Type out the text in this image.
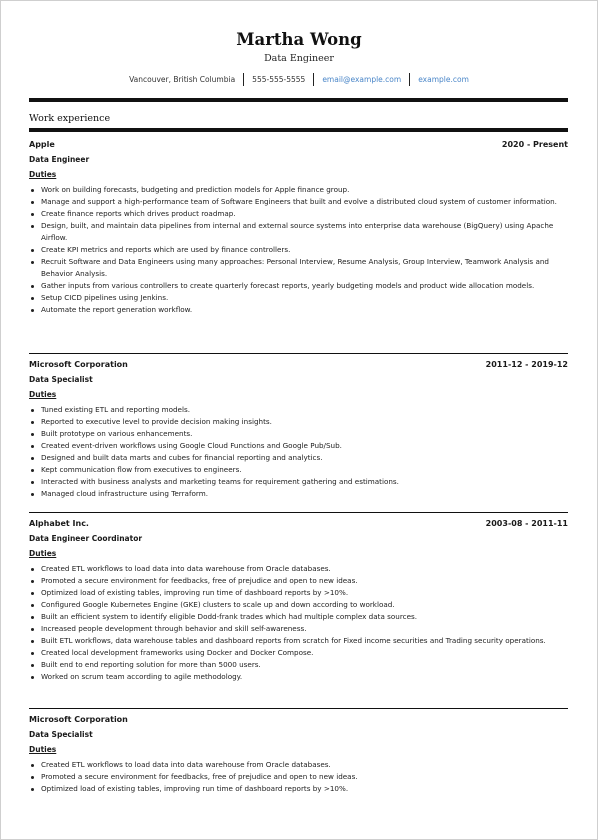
Martha Wong
Data Engineer
Vancouver, British Columbia	555-555-5555	email@example.com	example.com
Work experience
Apple	2020 - Present
Data Engineer
Duties
Work on building forecasts, budgeting and prediction models for Apple finance group.
Manage and support a high-performance team of Software Engineers that built and evolve a distributed cloud system of customer information.
Create finance reports which drives product roadmap.
Design, built, and maintain data pipelines from internal and external source systems into enterprise data warehouse (BigQuery) using Apache Airflow.
Create KPI metrics and reports which are used by finance controllers.
Recruit Software and Data Engineers using many approaches: Personal Interview, Resume Analysis, Group Interview, Teamwork Analysis and Behavior Analysis.
Gather inputs from various controllers to create quarterly forecast reports, yearly budgeting models and product wide allocation models.
Setup CICD pipelines using Jenkins.
Automate the report generation workflow.
Microsoft Corporation	2011-12 - 2019-12
Data Specialist
Duties
Tuned existing ETL and reporting models.
Reported to executive level to provide decision making insights.
Built prototype on various enhancements.
Created event-driven workflows using Google Cloud Functions and Google Pub/Sub.
Designed and built data marts and cubes for financial reporting and analytics.
Kept communication flow from executives to engineers.
Interacted with business analysts and marketing teams for requirement gathering and estimations.
Managed cloud infrastructure using Terraform.
Alphabet Inc.	2003-08 - 2011-11
Data Engineer Coordinator
Duties
Created ETL workflows to load data into data warehouse from Oracle databases.
Promoted a secure environment for feedbacks, free of prejudice and open to new ideas.
Optimized load of existing tables, improving run time of dashboard reports by >10%.
Configured Google Kubernetes Engine (GKE) clusters to scale up and down according to workload.
Built an efficient system to identify eligible Dodd-frank trades which had multiple complex data sources.
Increased people development through behavior and skill self-awareness.
Built ETL workflows, data warehouse tables and dashboard reports from scratch for Fixed income securities and Trading security operations.
Created local development frameworks using Docker and Docker Compose.
Built end to end reporting solution for more than 5000 users.
Worked on scrum team according to agile methodology.
Microsoft Corporation
Data Specialist
Duties
Created ETL workflows to load data into data warehouse from Oracle databases.
Promoted a secure environment for feedbacks, free of prejudice and open to new ideas.
Optimized load of existing tables, improving run time of dashboard reports by >10%.
